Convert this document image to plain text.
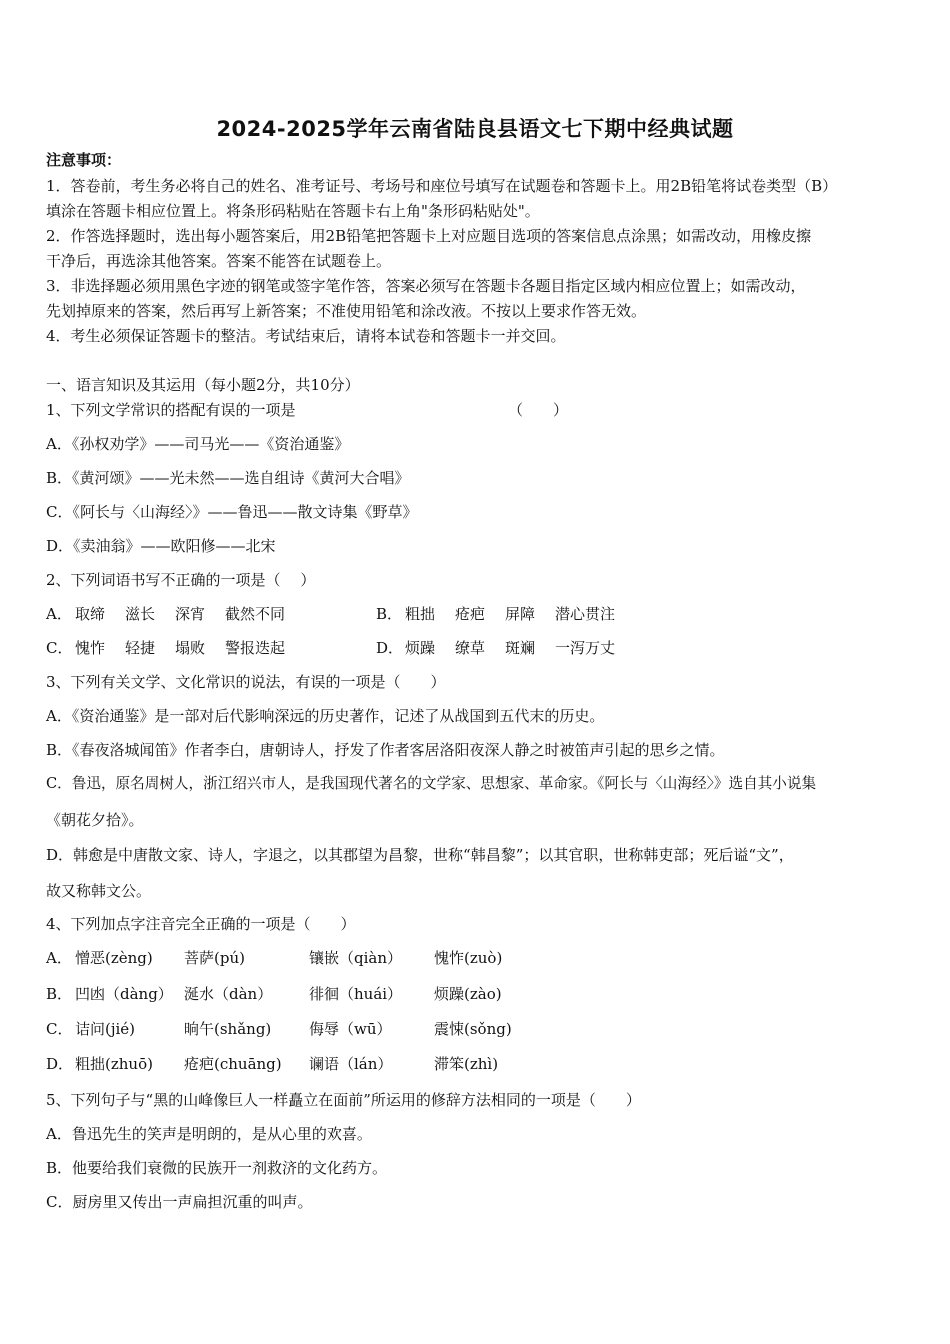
2024-2025学年云南省陆良县语文七下期中经典试题
注意事项：
1．答卷前，考生务必将自己的姓名、准考证号、考场号和座位号填写在试题卷和答题卡上。用2B铅笔将试卷类型（B）
填涂在答题卡相应位置上。将条形码粘贴在答题卡右上角"条形码粘贴处"。
2．作答选择题时，选出每小题答案后，用2B铅笔把答题卡上对应题目选项的答案信息点涂黑；如需改动，用橡皮擦
干净后，再选涂其他答案。答案不能答在试题卷上。
3．非选择题必须用黑色字迹的钢笔或签字笔作答，答案必须写在答题卡各题目指定区域内相应位置上；如需改动，
先划掉原来的答案，然后再写上新答案；不准使用铅笔和涂改液。不按以上要求作答无效。
4．考生必须保证答题卡的整洁。考试结束后，请将本试卷和答题卡一并交回。
一、语言知识及其运用（每小题2分，共10分）
1、下列文学常识的搭配有误的一项是	（　　）
A．《孙权劝学》——司马光——《资治通鉴》
B．《黄河颂》——光未然——选自组诗《黄河大合唱》
C．《阿长与〈山海经〉》——鲁迅——散文诗集《野草》
D．《卖油翁》——欧阳修——北宋
2、下列词语书写不正确的一项是（　 ）
A． 取缔 滋长 深宵 截然不同	B． 粗拙 疮疤 屏障 潜心贯注
C． 愧怍 轻捷 塌败 警报迭起	D． 烦躁 缭草 斑斓 一泻万丈
3、下列有关文学、文化常识的说法，有误的一项是（　　）
A．《资治通鉴》是一部对后代影响深远的历史著作，记述了从战国到五代末的历史。
B．《春夜洛城闻笛》作者李白，唐朝诗人，抒发了作者客居洛阳夜深人静之时被笛声引起的思乡之情。
C．鲁迅，原名周树人，浙江绍兴市人，是我国现代著名的文学家、思想家、革命家。《阿长与〈山海经〉》选自其小说集
《朝花夕拾》。
D．韩愈是中唐散文家、诗人，字退之，以其郡望为昌黎，世称“韩昌黎”；以其官职，世称韩吏部；死后谥“文”，
故又称韩文公。
4、下列加点字注音完全正确的一项是（　　）
A． 憎恶(zèng) 菩萨(pú)	镶嵌（qiàn） 愧怍(zuò)
B． 凹凼（dàng） 涎水（dàn） 徘徊（huái） 烦躁(zào)
C． 诘问(jié)	晌午(shǎng)	侮辱（wū）	震悚(sǒng)
D． 粗拙(zhuō) 疮疤(chuāng) 谰语（lán）	滞笨(zhì)
5、下列句子与“黑的山峰像巨人一样矗立在面前”所运用的修辞方法相同的一项是（　　）
A．鲁迅先生的笑声是明朗的，是从心里的欢喜。
B．他要给我们衰微的民族开一剂救济的文化药方。
C．厨房里又传出一声扁担沉重的叫声。
